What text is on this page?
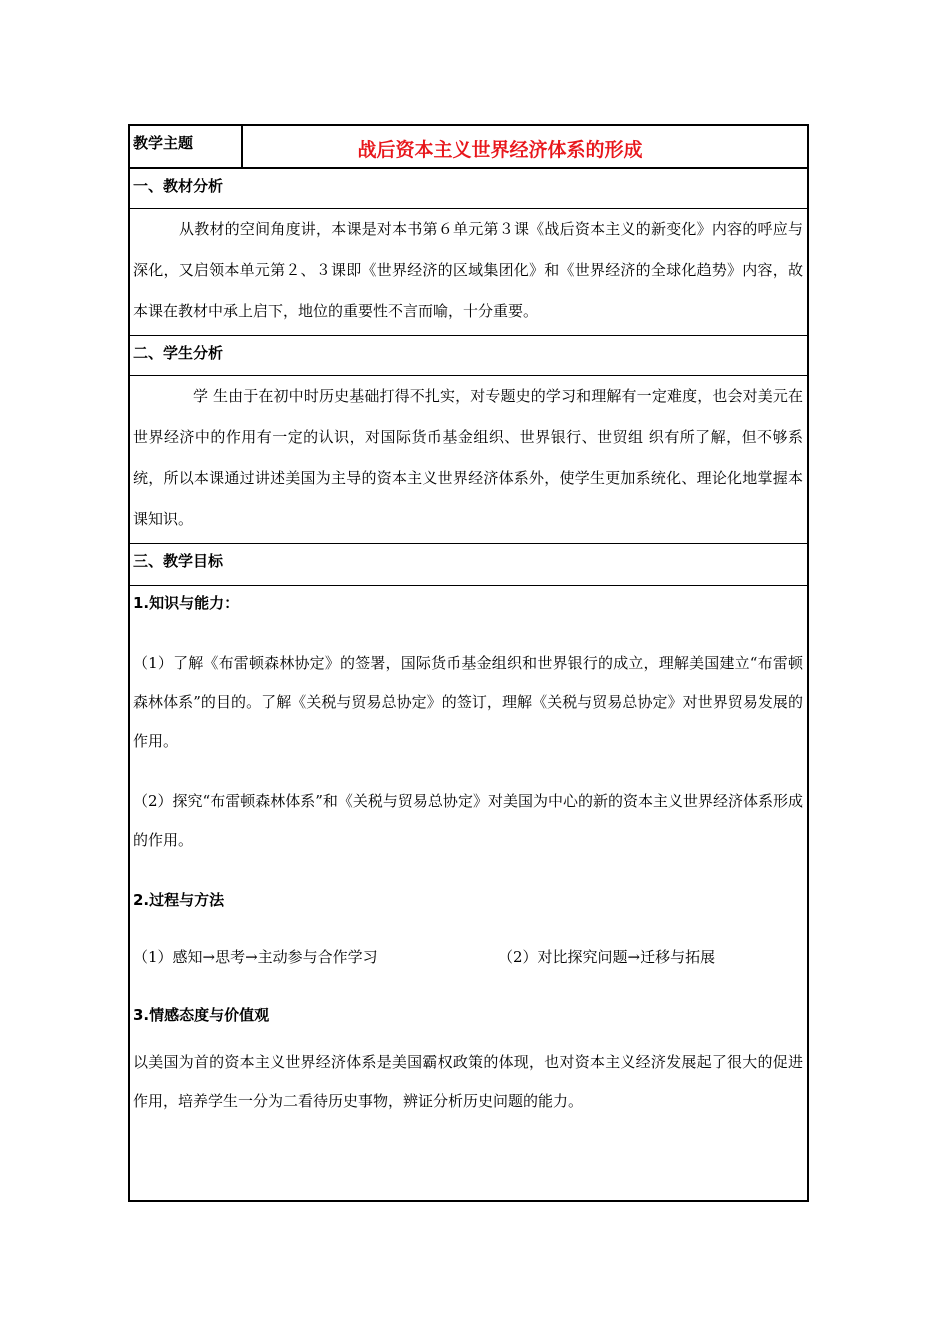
教学主题	战后资本主义世界经济体系的形成
一、教材分析
从教材的空间角度讲，本课是对本书第６单元第３课《战后资本主义的新变化》内容的呼应与深化，又启领本单元第２、３课即《世界经济的区域集团化》和《世界经济的全球化趋势》内容，故本课在教材中承上启下，地位的重要性不言而喻，十分重要。
二、学生分析
学 生由于在初中时历史基础打得不扎实，对专题史的学习和理解有一定难度，也会对美元在世界经济中的作用有一定的认识，对国际货币基金组织、世界银行、世贸组 织有所了解，但不够系统，所以本课通过讲述美国为主导的资本主义世界经济体系外，使学生更加系统化、理论化地掌握本课知识。
三、教学目标

1.知识与能力：

（1）了解《布雷顿森林协定》的签署，国际货币基金组织和世界银行的成立，理解美国建立“布雷顿森林体系”的目的。了解《关税与贸易总协定》的签订，理解《关税与贸易总协定》对世界贸易发展的作用。

（2）探究“布雷顿森林体系”和《关税与贸易总协定》对美国为中心的新的资本主义世界经济体系形成的作用。

2.过程与方法

（1）感知→思考→主动参与合作学习	（2）对比探究问题→迁移与拓展

3.情感态度与价值观

以美国为首的资本主义世界经济体系是美国霸权政策的体现，也对资本主义经济发展起了很大的促进作用，培养学生一分为二看待历史事物，辨证分析历史问题的能力。
